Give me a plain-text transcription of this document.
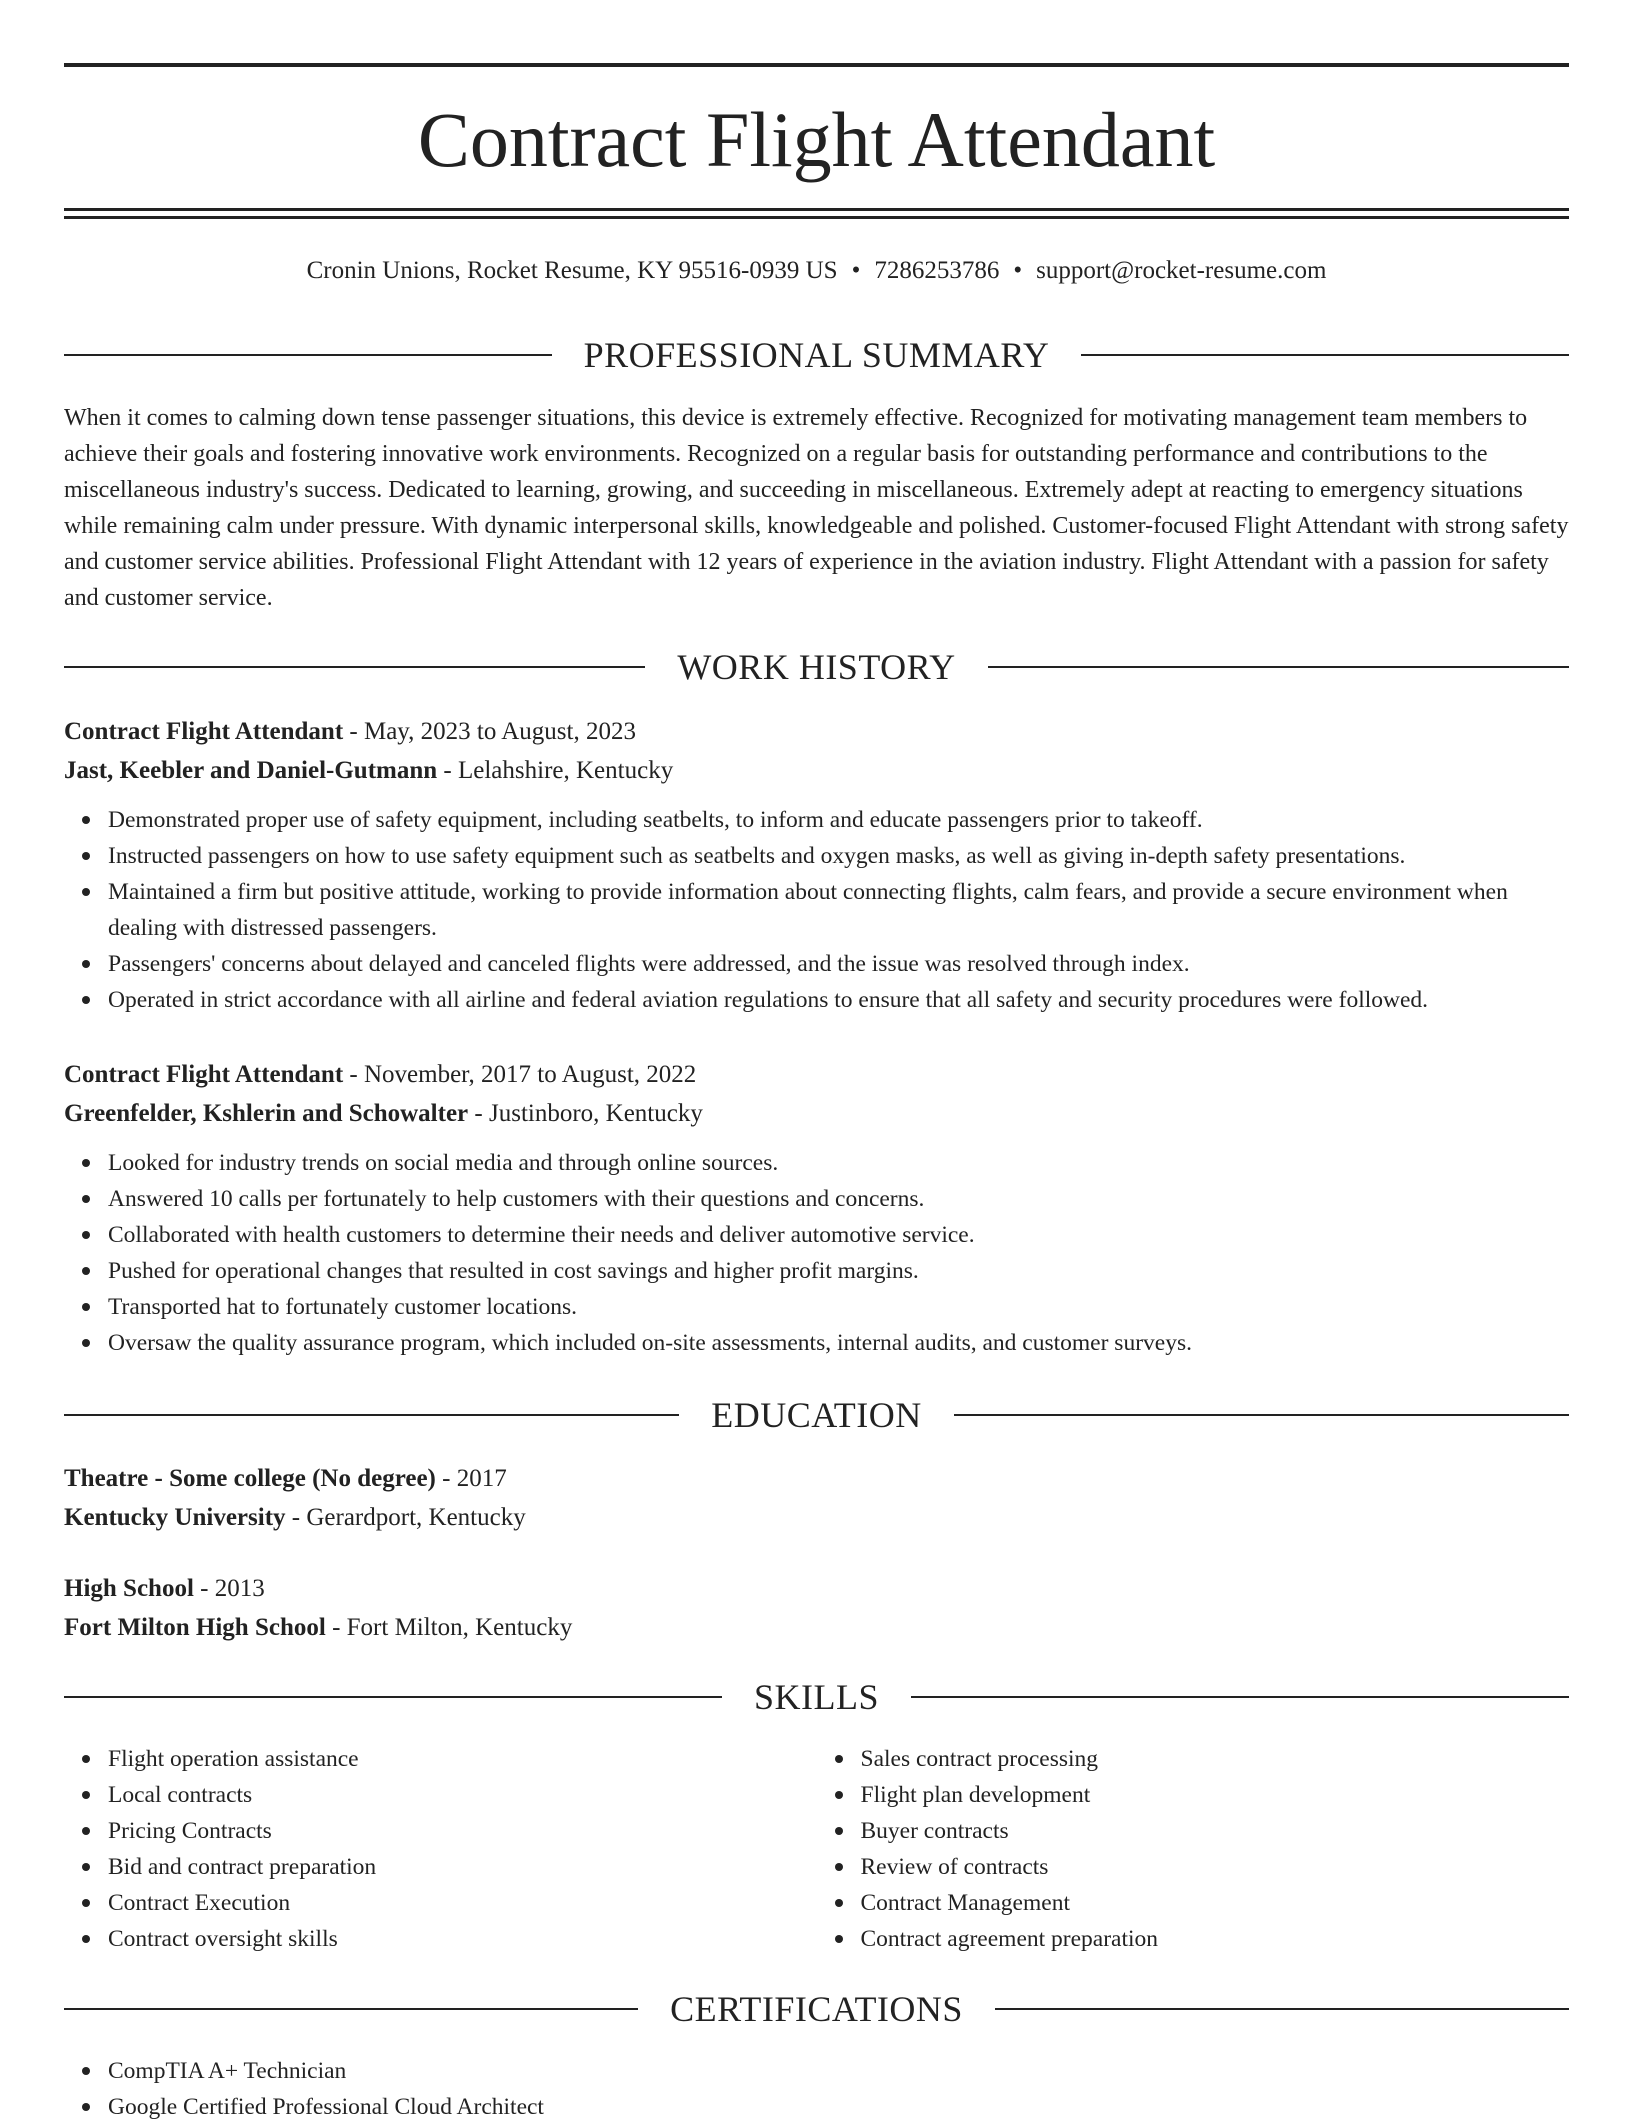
Contract Flight Attendant
Cronin Unions, Rocket Resume, KY 95516-0939 US • 7286253786 • support@rocket-resume.com
PROFESSIONAL SUMMARY

When it comes to calming down tense passenger situations, this device is extremely effective. Recognized for motivating management team members to achieve their goals and fostering innovative work environments. Recognized on a regular basis for outstanding performance and contributions to the miscellaneous industry's success. Dedicated to learning, growing, and succeeding in miscellaneous. Extremely adept at reacting to emergency situations while remaining calm under pressure. With dynamic interpersonal skills, knowledgeable and polished. Customer-focused Flight Attendant with strong safety and customer service abilities. Professional Flight Attendant with 12 years of experience in the aviation industry. Flight Attendant with a passion for safety and customer service.

WORK HISTORY

Contract Flight Attendant - May, 2023 to August, 2023

Jast, Keebler and Daniel-Gutmann - Lelahshire, Kentucky

Demonstrated proper use of safety equipment, including seatbelts, to inform and educate passengers prior to takeoff.
Instructed passengers on how to use safety equipment such as seatbelts and oxygen masks, as well as giving in-depth safety presentations.
Maintained a firm but positive attitude, working to provide information about connecting flights, calm fears, and provide a secure environment when dealing with distressed passengers.
Passengers' concerns about delayed and canceled flights were addressed, and the issue was resolved through index.
Operated in strict accordance with all airline and federal aviation regulations to ensure that all safety and security procedures were followed.

Contract Flight Attendant - November, 2017 to August, 2022

Greenfelder, Kshlerin and Schowalter - Justinboro, Kentucky

Looked for industry trends on social media and through online sources.
Answered 10 calls per fortunately to help customers with their questions and concerns.
Collaborated with health customers to determine their needs and deliver automotive service.
Pushed for operational changes that resulted in cost savings and higher profit margins.
Transported hat to fortunately customer locations.
Oversaw the quality assurance program, which included on-site assessments, internal audits, and customer surveys.
EDUCATION

Theatre - Some college (No degree) - 2017

Kentucky University - Gerardport, Kentucky

High School - 2013

Fort Milton High School - Fort Milton, Kentucky

SKILLS
Flight operation assistance
Local contracts
Pricing Contracts
Bid and contract preparation
Contract Execution
Contract oversight skills
Sales contract processing
Flight plan development
Buyer contracts
Review of contracts
Contract Management
Contract agreement preparation
CERTIFICATIONS
CompTIA A+ Technician
Google Certified Professional Cloud Architect
